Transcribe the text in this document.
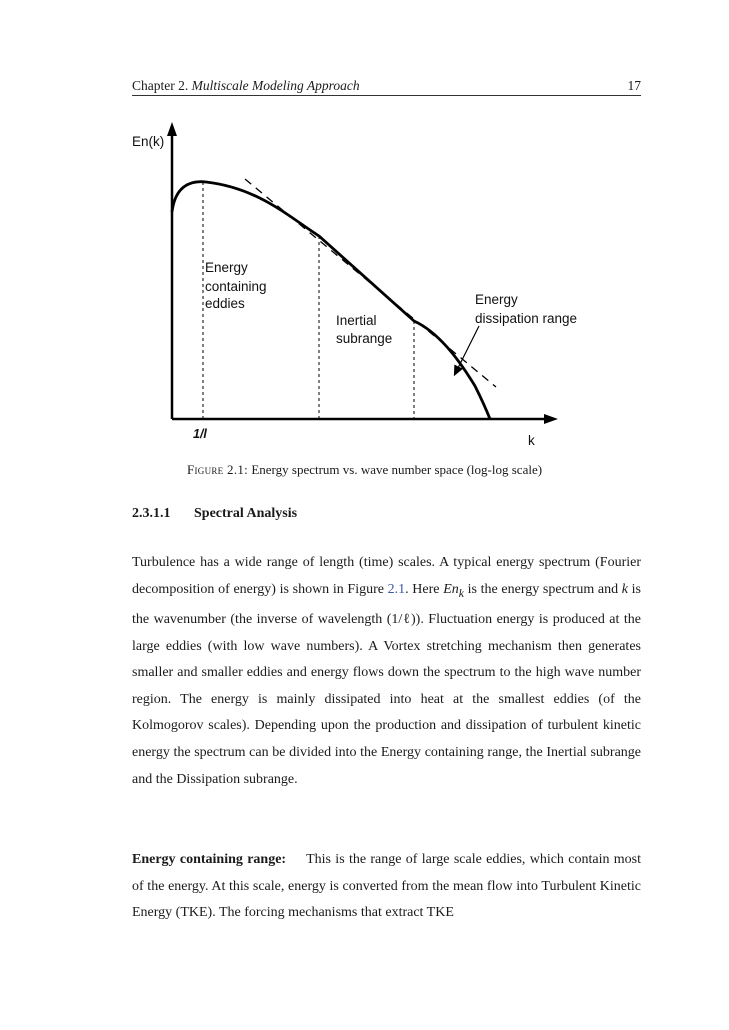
Chapter 2. Multiscale Modeling Approach	17
En(k)
k
1/l
Energy
containing
eddies
Inertial
subrange
Energy
dissipation range
Figure 2.1: Energy spectrum vs. wave number space (log-log scale)
2.3.1.1 Spectral Analysis

Turbulence has a wide range of length (time) scales. A typical energy spectrum (Fourier decomposition of energy) is shown in Figure 2.1. Here $En_k$ is the energy spectrum and k is the wavenumber (the inverse of wavelength (1/ℓ)). Fluctuation energy is produced at the large eddies (with low wave numbers). A Vortex stretching mechanism then generates smaller and smaller eddies and energy flows down the spectrum to the high wave number region. The energy is mainly dissipated into heat at the smallest eddies (of the Kolmogorov scales). Depending upon the production and dissipation of turbulent kinetic energy the spectrum can be divided into the Energy containing range, the Inertial subrange and the Dissipation subrange.

Energy containing range: This is the range of large scale eddies, which contain most of the energy. At this scale, energy is converted from the mean flow into Turbulent Kinetic Energy (TKE). The forcing mechanisms that extract TKE
